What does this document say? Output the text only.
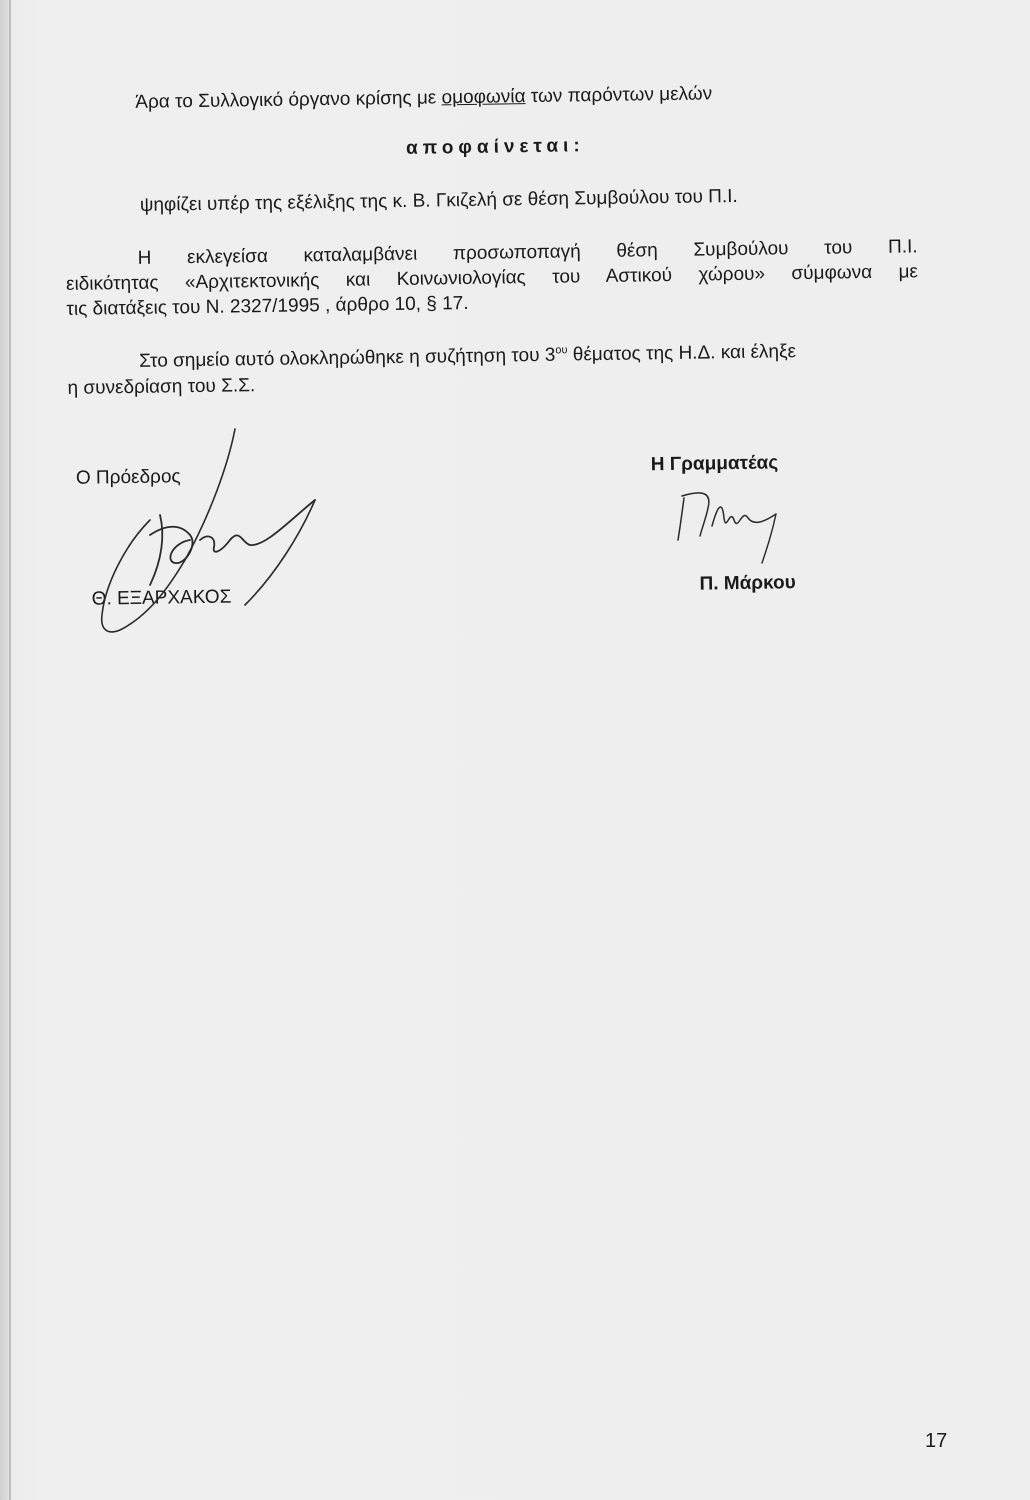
Άρα το Συλλογικό όργανο κρίσης με ομοφωνία των παρόντων μελών
αποφαίνεται:
ψηφίζει υπέρ της εξέλιξης της κ. Β. Γκιζελή σε θέση Συμβούλου του Π.Ι.
Η εκλεγείσα καταλαμβάνει προσωποπαγή θέση Συμβούλου του Π.Ι.
ειδικότητας «Αρχιτεκτονικής και Κοινωνιολογίας του Αστικού χώρου» σύμφωνα με
τις διατάξεις του Ν. 2327/1995 , άρθρο 10, § 17.
Στο σημείο αυτό ολοκληρώθηκε η συζήτηση του $3^{o\upsilon}$ θέματος της Η.Δ. και έληξε
η συνεδρίαση του Σ.Σ.
Ο Πρόεδρος
Η Γραμματέας
Θ. ΕΞΑΡΧΑΚΟΣ
Π. Μάρκου
17
